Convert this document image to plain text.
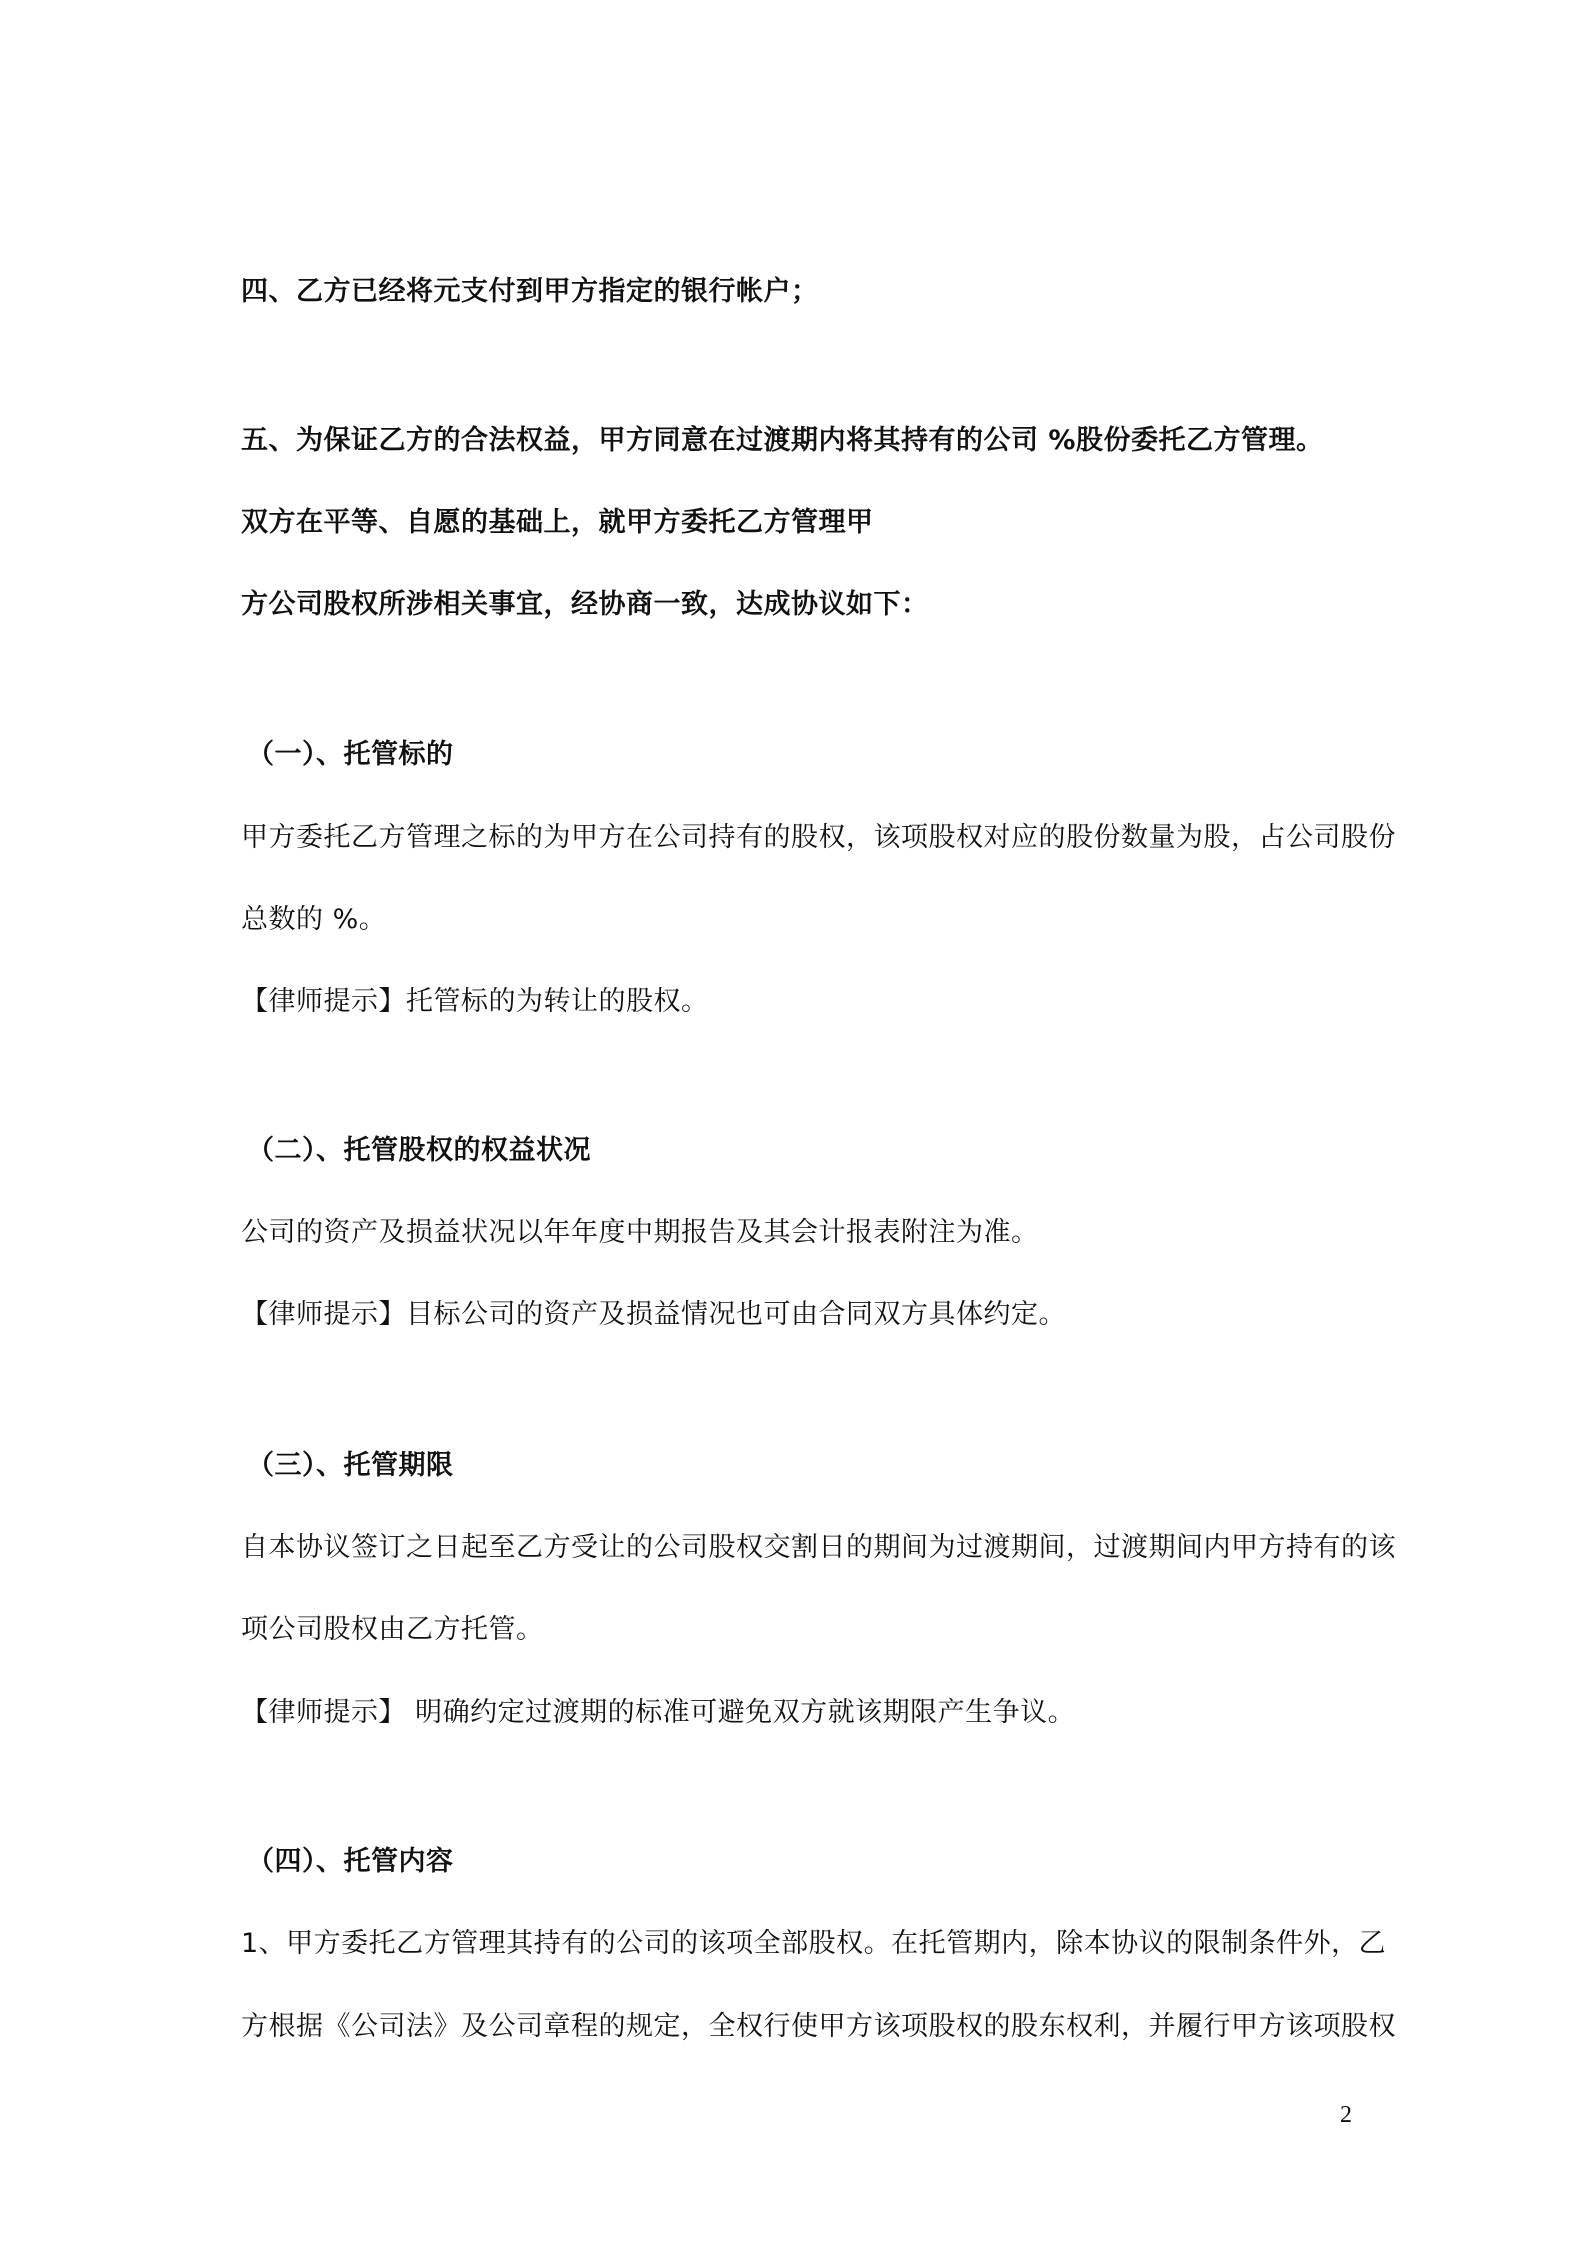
四、乙方已经将元支付到甲方指定的银行帐户；
五、为保证乙方的合法权益，甲方同意在过渡期内将其持有的公司 %股份委托乙方管理。
双方在平等、自愿的基础上，就甲方委托乙方管理甲
方公司股权所涉相关事宜，经协商一致，达成协议如下：
（一）、托管标的
甲方委托乙方管理之标的为甲方在公司持有的股权，该项股权对应的股份数量为股，占公司股份
总数的 %。
【律师提示】托管标的为转让的股权。
（二）、托管股权的权益状况
公司的资产及损益状况以年年度中期报告及其会计报表附注为准。
【律师提示】目标公司的资产及损益情况也可由合同双方具体约定。
（三）、托管期限
自本协议签订之日起至乙方受让的公司股权交割日的期间为过渡期间，过渡期间内甲方持有的该
项公司股权由乙方托管。
【律师提示】 明确约定过渡期的标准可避免双方就该期限产生争议。
（四）、托管内容
1、甲方委托乙方管理其持有的公司的该项全部股权。在托管期内，除本协议的限制条件外，乙
方根据《公司法》及公司章程的规定，全权行使甲方该项股权的股东权利，并履行甲方该项股权
2
